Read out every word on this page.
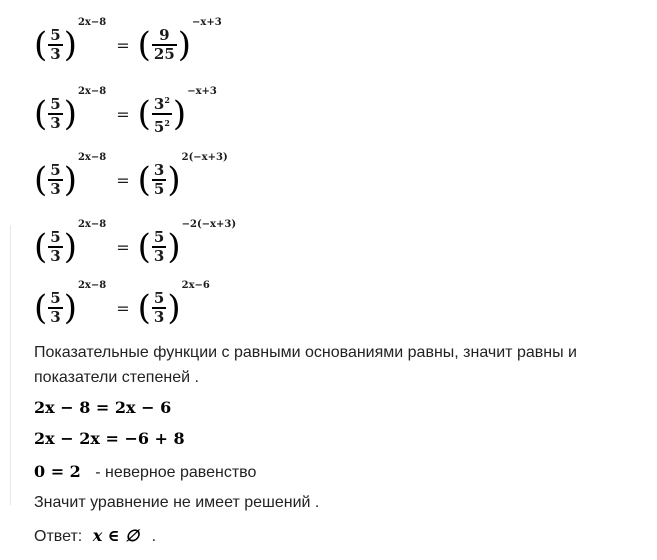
( $\frac{5}{3}$ )
2x−8
= ( $\frac{9}{25}$ )
−x+3
( $\frac{5}{3}$ )
2x−8
= ( $\frac{3^2}{5^2}$ )
−x+3
( $\frac{5}{3}$ )
2x−8
= ( $\frac{3}{5}$ )
2(−x+3)
( $\frac{5}{3}$ )
2x−8
= ( $\frac{5}{3}$ )
−2(−x+3)
( $\frac{5}{3}$ )
2x−8
= ( $\frac{5}{3}$ )
2x−6
Показательные функции с равными основаниями равны, значит равны и
показатели степеней .
2x − 8 = 2x − 6
2x − 2x = −6 + 8
0 = 2 - неверное равенство
Значит уравнение не имеет решений .
Ответ: x ∈ ∅ .
